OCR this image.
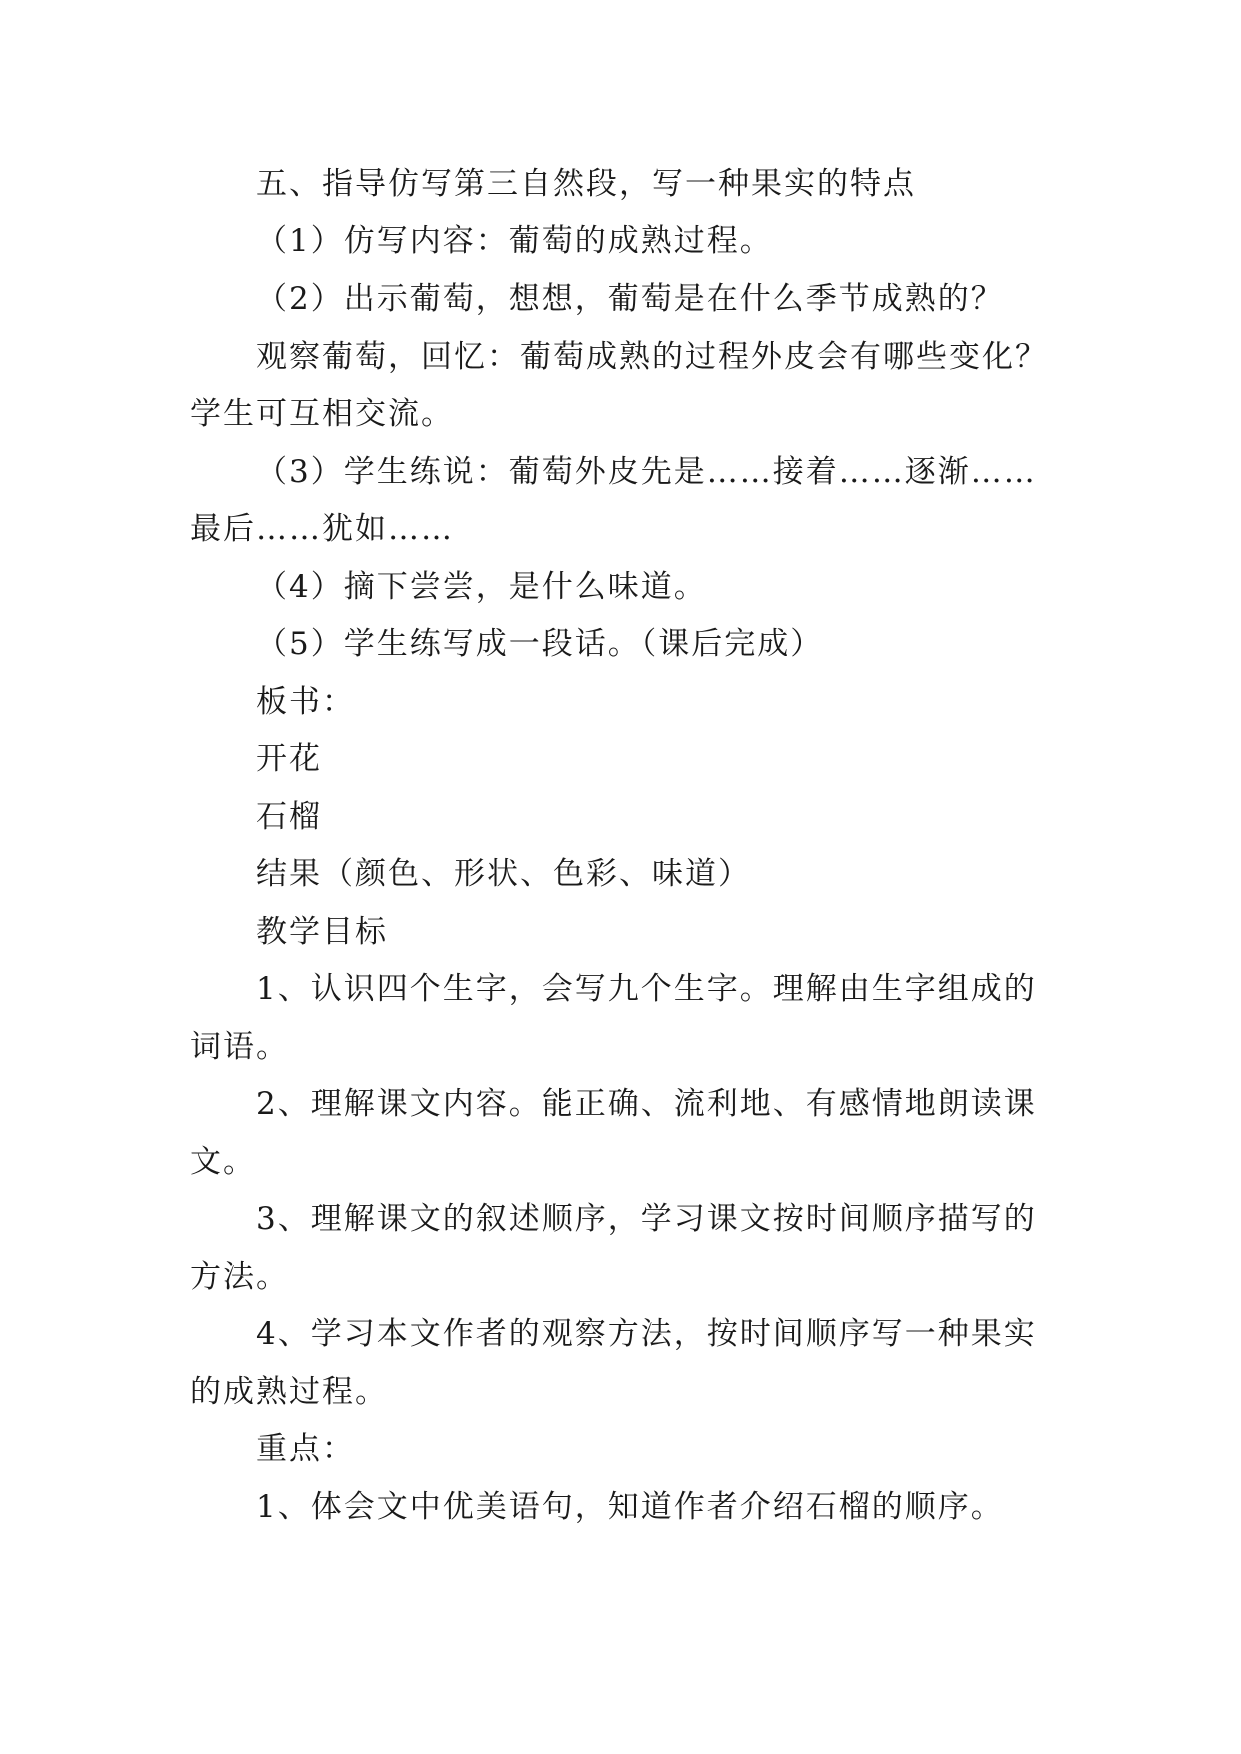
五、指导仿写第三自然段，写一种果实的特点
（1）仿写内容：葡萄的成熟过程。
（2）出示葡萄，想想，葡萄是在什么季节成熟的？
观察葡萄，回忆：葡萄成熟的过程外皮会有哪些变化？
学生可互相交流。
（3）学生练说：葡萄外皮先是……接着……逐渐……
最后……犹如……
（4）摘下尝尝，是什么味道。
（5）学生练写成一段话。（课后完成）
板书：
开花
石榴
结果（颜色、形状、色彩、味道）
教学目标
1、认识四个生字，会写九个生字。理解由生字组成的
词语。
2、理解课文内容。能正确、流利地、有感情地朗读课
文。
3、理解课文的叙述顺序，学习课文按时间顺序描写的
方法。
4、学习本文作者的观察方法，按时间顺序写一种果实
的成熟过程。
重点：
1、体会文中优美语句，知道作者介绍石榴的顺序。
